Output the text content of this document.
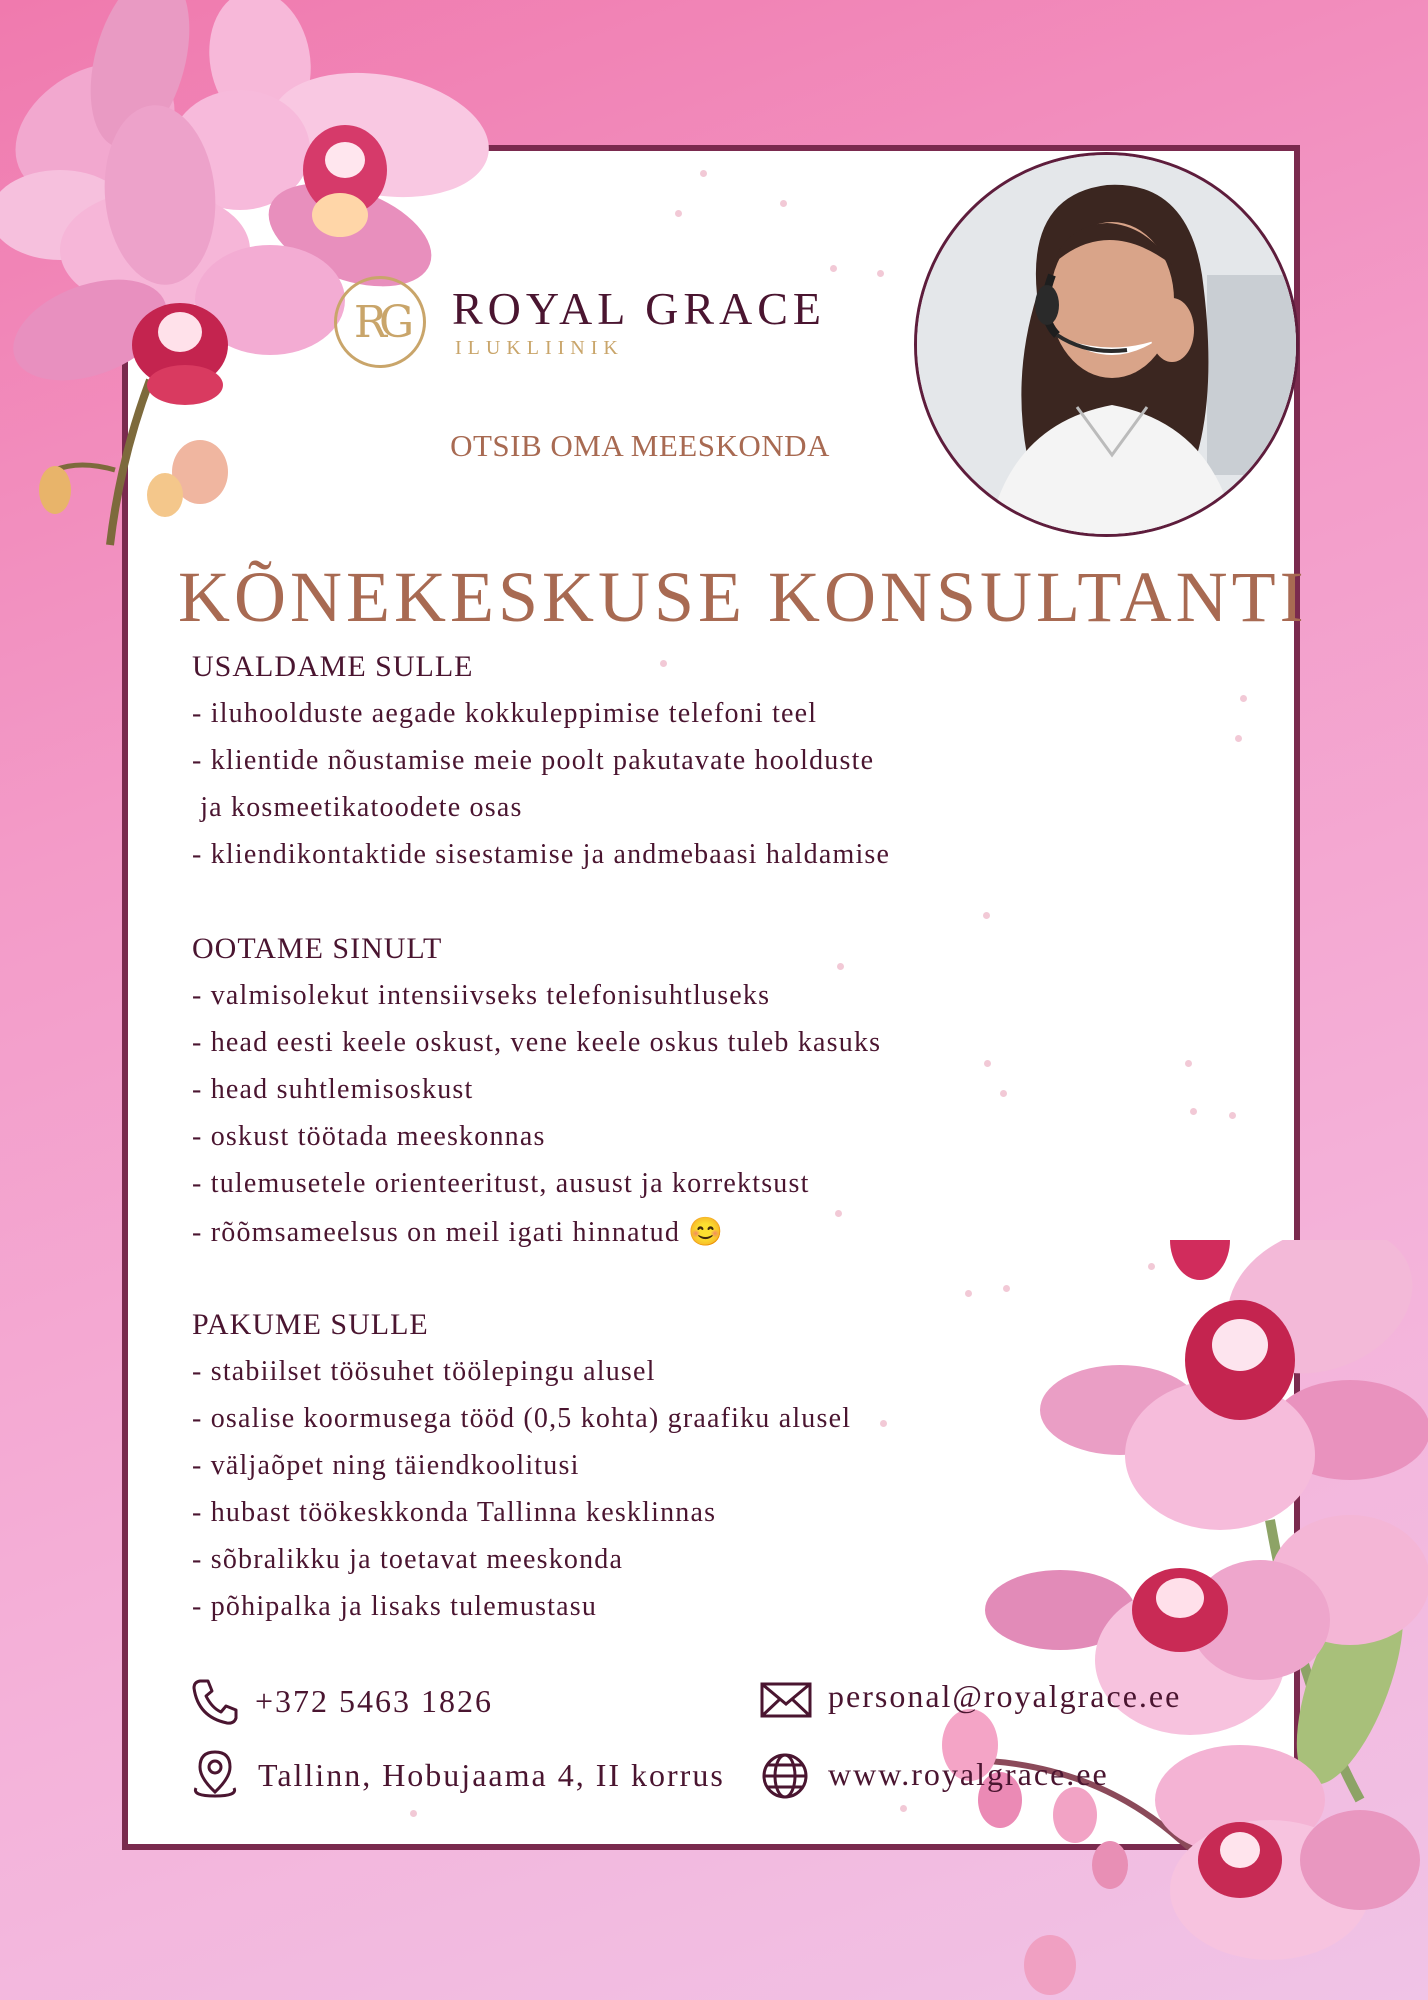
RG ROYAL GRACE
ILUKLIINIK
OTSIB OMA MEESKONDA
KÕNEKESKUSE KONSULTANTI
USALDAME SULLE
- iluhoolduste aegade kokkuleppimise telefoni teel
- klientide nõustamise meie poolt pakutavate hoolduste
ja kosmeetikatoodete osas
- kliendikontaktide sisestamise ja andmebaasi haldamise
OOTAME SINULT
- valmisolekut intensiivseks telefonisuhtluseks
- head eesti keele oskust, vene keele oskus tuleb kasuks
- head suhtlemisoskust
- oskust töötada meeskonnas
- tulemusetele orienteeritust, ausust ja korrektsust
- rõõmsameelsus on meil igati hinnatud 😊
PAKUME SULLE
- stabiilset töösuhet töölepingu alusel
- osalise koormusega tööd (0,5 kohta) graafiku alusel
- väljaõpet ning täiendkoolitusi
- hubast töökeskkonda Tallinna kesklinnas
- sõbralikku ja toetavat meeskonda
- põhipalka ja lisaks tulemustasu
+372 5463 1826	personal@royalgrace.ee
Tallinn, Hobujaama 4, II korrus	www.royalgrace.ee
